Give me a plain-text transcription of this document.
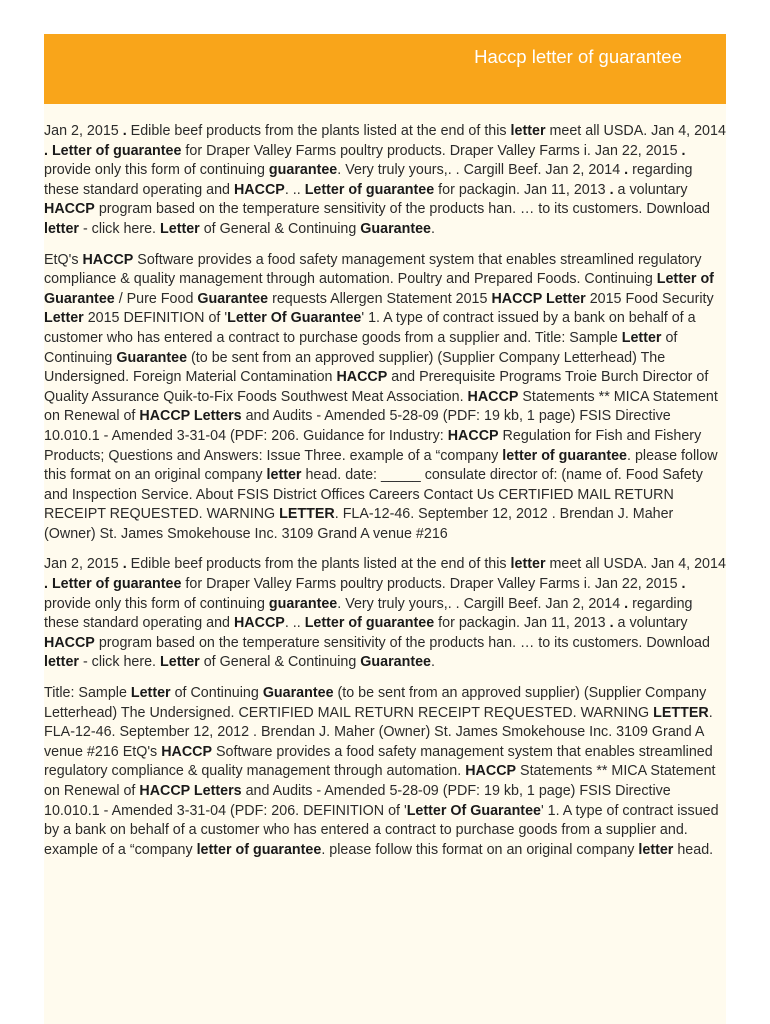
Haccp letter of guarantee

Jan 2, 2015 . Edible beef products from the plants listed at the end of this letter meet all USDA. Jan 4, 2014 . Letter of guarantee for Draper Valley Farms poultry products. Draper Valley Farms i. Jan 22, 2015 . provide only this form of continuing guarantee. Very truly yours,. . Cargill Beef. Jan 2, 2014 . regarding these standard operating and HACCP. .. Letter of guarantee for packagin. Jan 11, 2013 . a voluntary HACCP program based on the temperature sensitivity of the products han. … to its customers. Download letter - click here. Letter of General & Continuing Guarantee.

EtQ's HACCP Software provides a food safety management system that enables streamlined regulatory compliance & quality management through automation. Poultry and Prepared Foods. Continuing Letter of Guarantee / Pure Food Guarantee requests Allergen Statement 2015 HACCP Letter 2015 Food Security Letter 2015 DEFINITION of 'Letter Of Guarantee' 1. A type of contract issued by a bank on behalf of a customer who has entered a contract to purchase goods from a supplier and. Title: Sample Letter of Continuing Guarantee (to be sent from an approved supplier) (Supplier Company Letterhead) The Undersigned. Foreign Material Contamination HACCP and Prerequisite Programs Troie Burch Director of Quality Assurance Quik-to-Fix Foods Southwest Meat Association. HACCP Statements ** MICA Statement on Renewal of HACCP Letters and Audits - Amended 5-28-09 (PDF: 19 kb, 1 page) FSIS Directive 10.010.1 - Amended 3-31-04 (PDF: 206. Guidance for Industry: HACCP Regulation for Fish and Fishery Products; Questions and Answers: Issue Three. example of a “company letter of guarantee. please follow this format on an original company letter head. date: _____ consulate director of: (name of. Food Safety and Inspection Service. About FSIS District Offices Careers Contact Us CERTIFIED MAIL RETURN RECEIPT REQUESTED. WARNING LETTER. FLA-12-46. September 12, 2012 . Brendan J. Maher (Owner) St. James Smokehouse Inc. 3109 Grand A venue #216

Jan 2, 2015 . Edible beef products from the plants listed at the end of this letter meet all USDA. Jan 4, 2014 . Letter of guarantee for Draper Valley Farms poultry products. Draper Valley Farms i. Jan 22, 2015 . provide only this form of continuing guarantee. Very truly yours,. . Cargill Beef. Jan 2, 2014 . regarding these standard operating and HACCP. .. Letter of guarantee for packagin. Jan 11, 2013 . a voluntary HACCP program based on the temperature sensitivity of the products han. … to its customers. Download letter - click here. Letter of General & Continuing Guarantee.

Title: Sample Letter of Continuing Guarantee (to be sent from an approved supplier) (Supplier Company Letterhead) The Undersigned. CERTIFIED MAIL RETURN RECEIPT REQUESTED. WARNING LETTER. FLA-12-46. September 12, 2012 . Brendan J. Maher (Owner) St. James Smokehouse Inc. 3109 Grand A venue #216 EtQ's HACCP Software provides a food safety management system that enables streamlined regulatory compliance & quality management through automation. HACCP Statements ** MICA Statement on Renewal of HACCP Letters and Audits - Amended 5-28-09 (PDF: 19 kb, 1 page) FSIS Directive 10.010.1 - Amended 3-31-04 (PDF: 206. DEFINITION of 'Letter Of Guarantee' 1. A type of contract issued by a bank on behalf of a customer who has entered a contract to purchase goods from a supplier and. example of a “company letter of guarantee. please follow this format on an original company letter head.
